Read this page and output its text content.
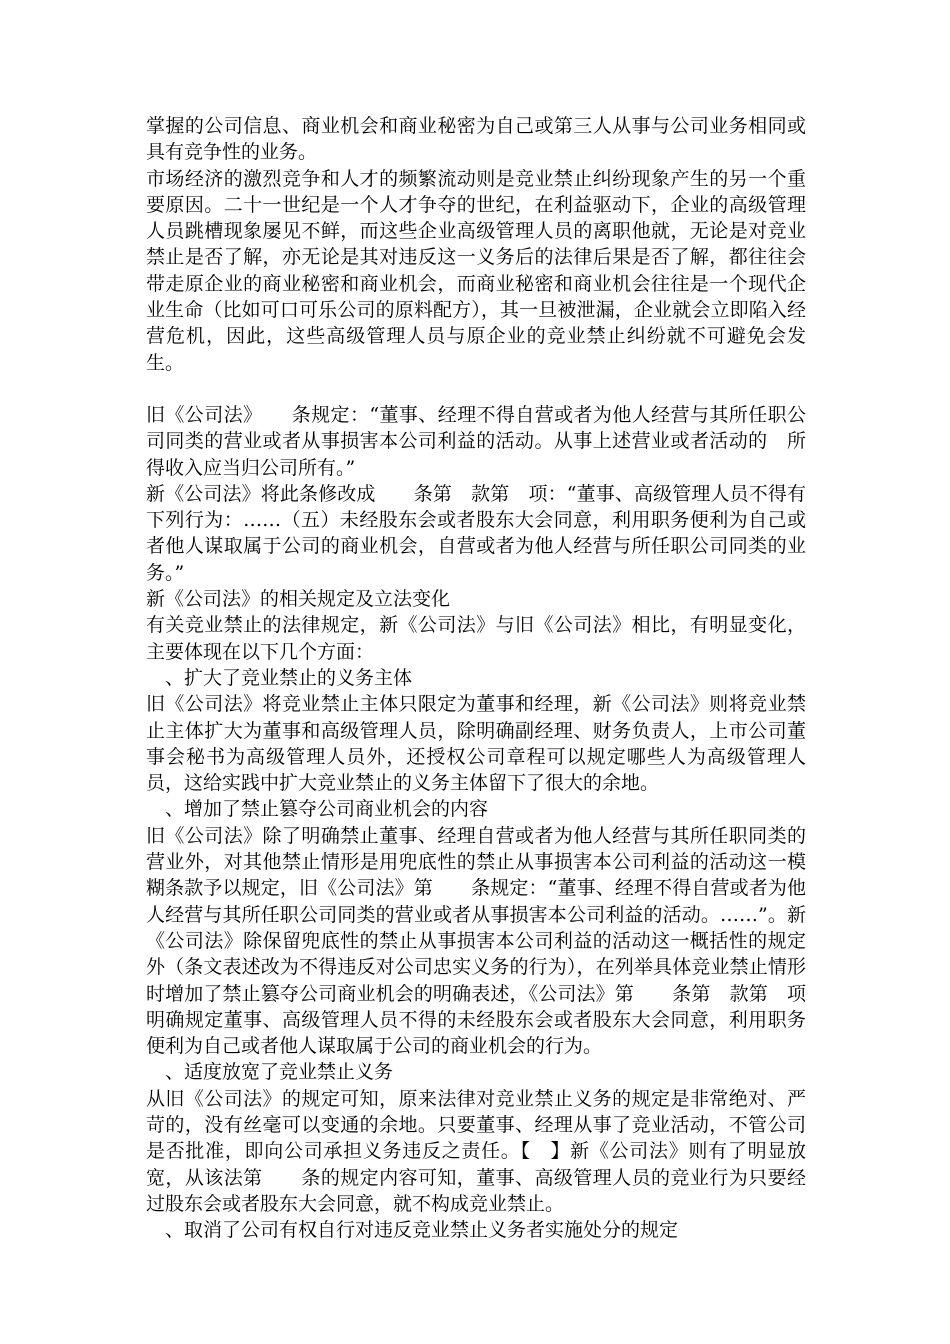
掌握的公司信息、商业机会和商业秘密为自己或第三人从事与公司业务相同或具有竞争性的业务。

市场经济的激烈竞争和人才的频繁流动则是竞业禁止纠纷现象产生的另一个重要原因。二十一世纪是一个人才争夺的世纪，在利益驱动下，企业的高级管理人员跳槽现象屡见不鲜，而这些企业高级管理人员的离职他就，无论是对竞业禁止是否了解，亦无论是其对违反这一义务后的法律后果是否了解，都往往会带走原企业的商业秘密和商业机会，而商业秘密和商业机会往往是一个现代企业生命（比如可口可乐公司的原料配方），其一旦被泄漏，企业就会立即陷入经营危机，因此，这些高级管理人员与原企业的竞业禁止纠纷就不可避免会发生。

旧《公司法》　　条规定：“董事、经理不得自营或者为他人经营与其所任职公司同类的营业或者从事损害本公司利益的活动。从事上述营业或者活动的　所得收入应当归公司所有。”

新《公司法》将此条修改成　　条第　款第　项：“董事、高级管理人员不得有下列行为：……（五）未经股东会或者股东大会同意，利用职务便利为自己或者他人谋取属于公司的商业机会，自营或者为他人经营与所任职公司同类的业务。”

新《公司法》的相关规定及立法变化

有关竞业禁止的法律规定，新《公司法》与旧《公司法》相比，有明显变化，主要体现在以下几个方面：

　、扩大了竞业禁止的义务主体

旧《公司法》将竞业禁止主体只限定为董事和经理，新《公司法》则将竞业禁止主体扩大为董事和高级管理人员，除明确副经理、财务负责人，上市公司董事会秘书为高级管理人员外，还授权公司章程可以规定哪些人为高级管理人员，这给实践中扩大竞业禁止的义务主体留下了很大的余地。

　、增加了禁止篡夺公司商业机会的内容

旧《公司法》除了明确禁止董事、经理自营或者为他人经营与其所任职同类的营业外，对其他禁止情形是用兜底性的禁止从事损害本公司利益的活动这一模糊条款予以规定，旧《公司法》第　　条规定：“董事、经理不得自营或者为他人经营与其所任职公司同类的营业或者从事损害本公司利益的活动。……”。新《公司法》除保留兜底性的禁止从事损害本公司利益的活动这一概括性的规定外（条文表述改为不得违反对公司忠实义务的行为），在列举具体竞业禁止情形时增加了禁止篡夺公司商业机会的明确表述，《公司法》第　　条第　款第　项明确规定董事、高级管理人员不得的未经股东会或者股东大会同意，利用职务便利为自己或者他人谋取属于公司的商业机会的行为。

　、适度放宽了竞业禁止义务

从旧《公司法》的规定可知，原来法律对竞业禁止义务的规定是非常绝对、严苛的，没有丝毫可以变通的余地。只要董事、经理从事了竞业活动，不管公司是否批准，即向公司承担义务违反之责任。【　】新《公司法》则有了明显放宽，从该法第　　条的规定内容可知，董事、高级管理人员的竞业行为只要经过股东会或者股东大会同意，就不构成竞业禁止。

　、取消了公司有权自行对违反竞业禁止义务者实施处分的规定
